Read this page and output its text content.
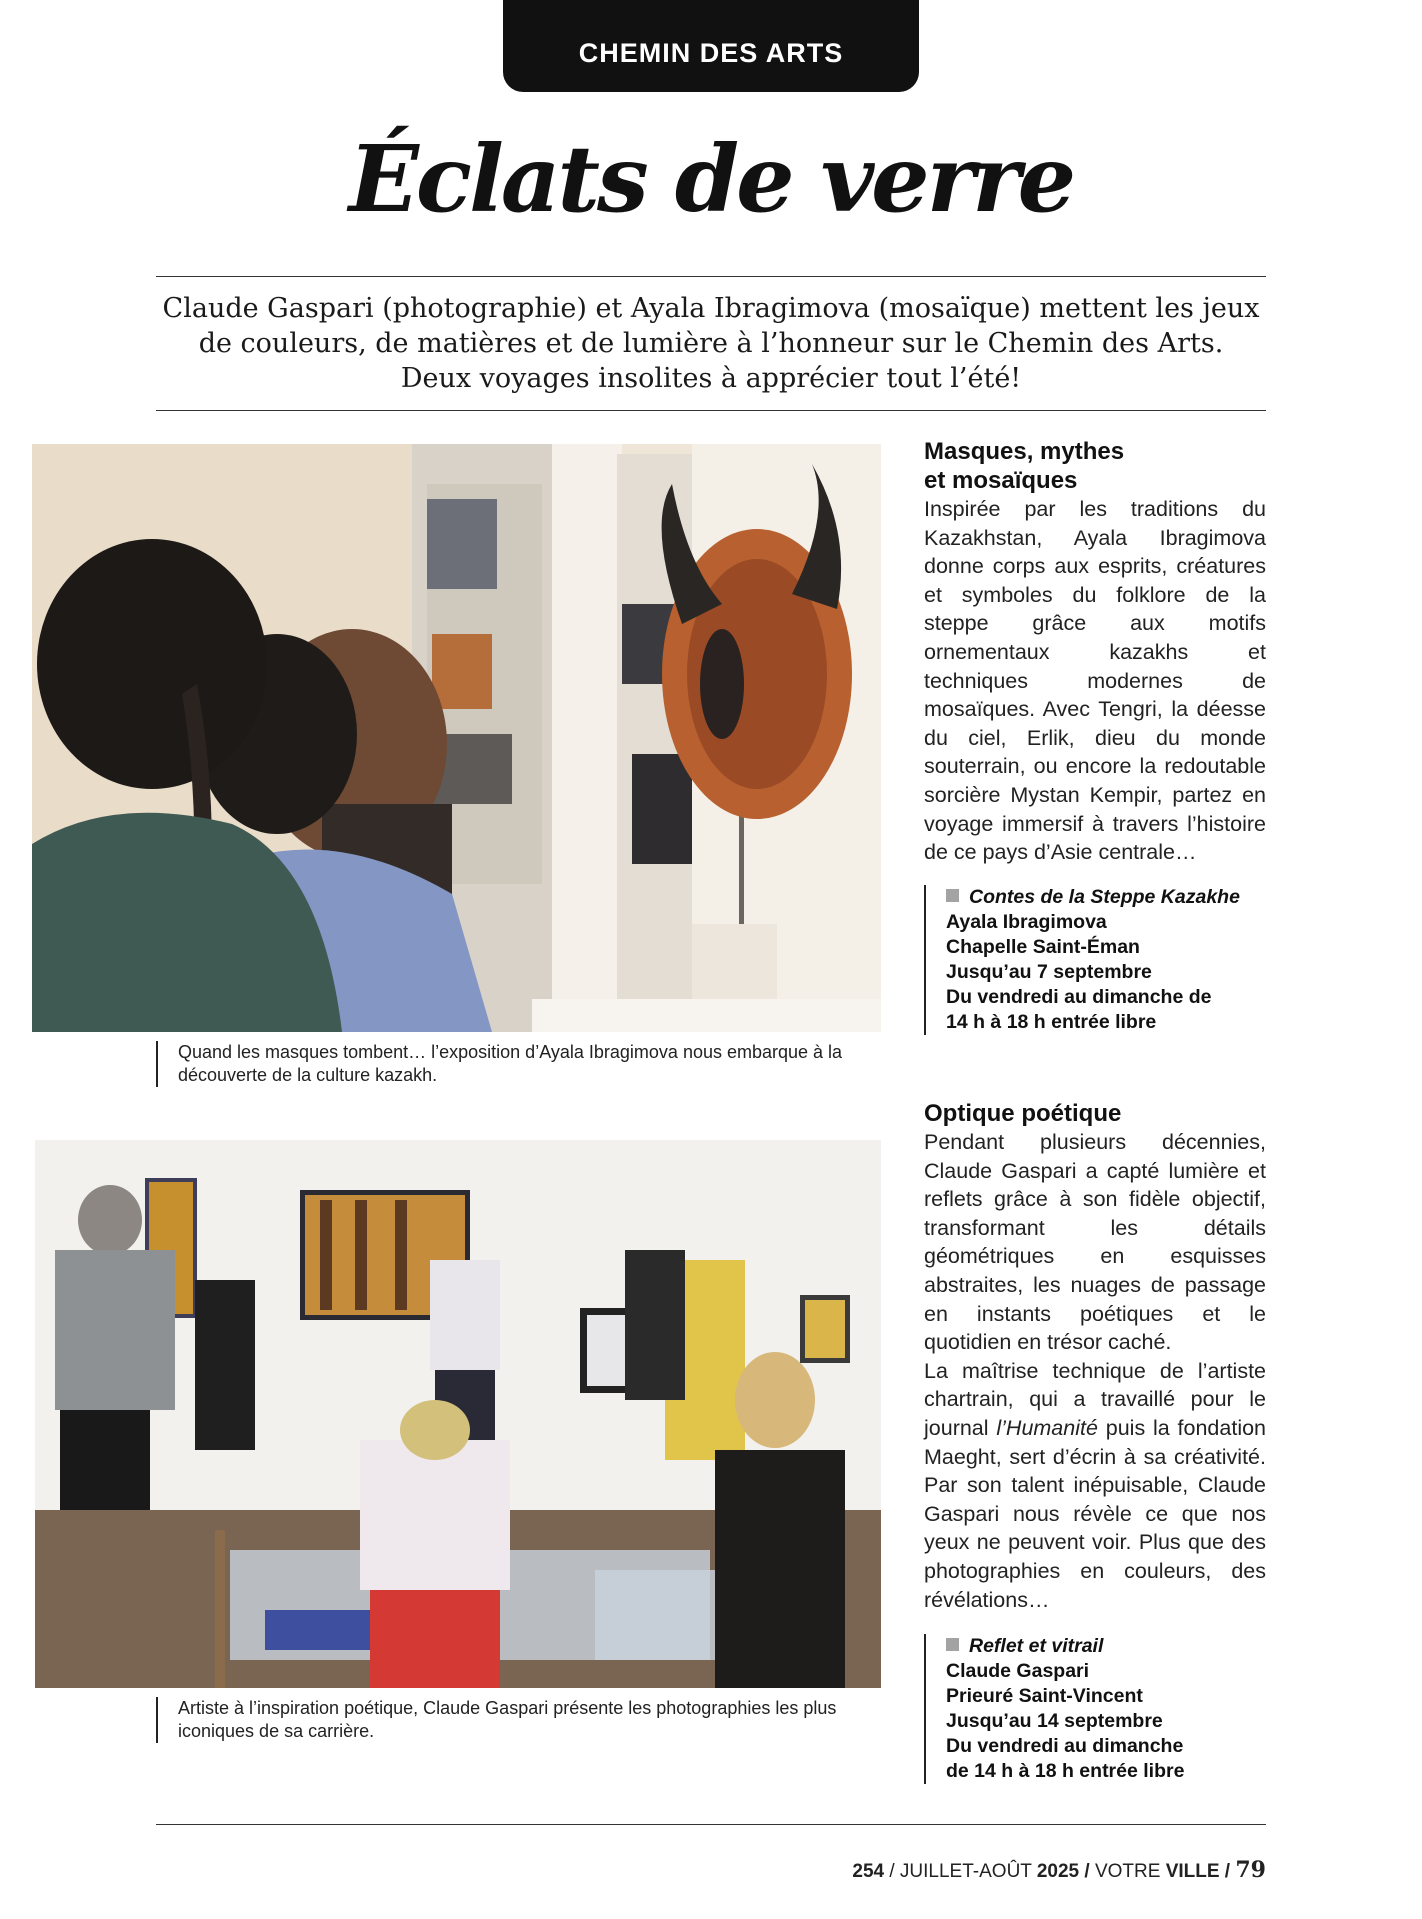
CHEMIN DES ARTS
Éclats de verre
Claude Gaspari (photographie) et Ayala Ibragimova (mosaïque) mettent les jeux
de couleurs, de matières et de lumière à l’honneur sur le Chemin des Arts.
Deux voyages insolites à apprécier tout l’été!
Quand les masques tombent… l’exposition d’Ayala Ibragimova nous embarque à la découverte de la culture kazakh.
Artiste à l’inspiration poétique, Claude Gaspari présente les photographies les plus iconiques de sa carrière.
Masques, mythes
et mosaïques

Inspirée par les traditions du Kazakhstan, Ayala Ibragimova donne corps aux esprits, créatures et symboles du folklore de la steppe grâce aux motifs ornementaux kazakhs et techniques modernes de mosaïques. Avec Tengri, la déesse du ciel, Erlik, dieu du monde souterrain, ou encore la redoutable sorcière Mystan Kempir, partez en voyage immersif à travers l’histoire de ce pays d’Asie centrale…

Contes de la Steppe Kazakhe
Ayala Ibragimova
Chapelle Saint-Éman
Jusqu’au 7 septembre
Du vendredi au dimanche de
14 h à 18 h entrée libre
Optique poétique

Pendant plusieurs décennies, Claude Gaspari a capté lumière et reflets grâce à son fidèle objectif, transformant les détails géométriques en esquisses abstraites, les nuages de passage en instants poétiques et le quotidien en trésor caché.

La maîtrise technique de l’artiste chartrain, qui a travaillé pour le journal l’Humanité puis la fondation Maeght, sert d’écrin à sa créativité. Par son talent inépuisable, Claude Gaspari nous révèle ce que nos yeux ne peuvent voir. Plus que des photographies en couleurs, des révélations…

Reflet et vitrail
Claude Gaspari
Prieuré Saint-Vincent
Jusqu’au 14 septembre
Du vendredi au dimanche
de 14 h à 18 h entrée libre
254 / JUILLET-AOÛT 2025 / VOTRE VILLE / 79
